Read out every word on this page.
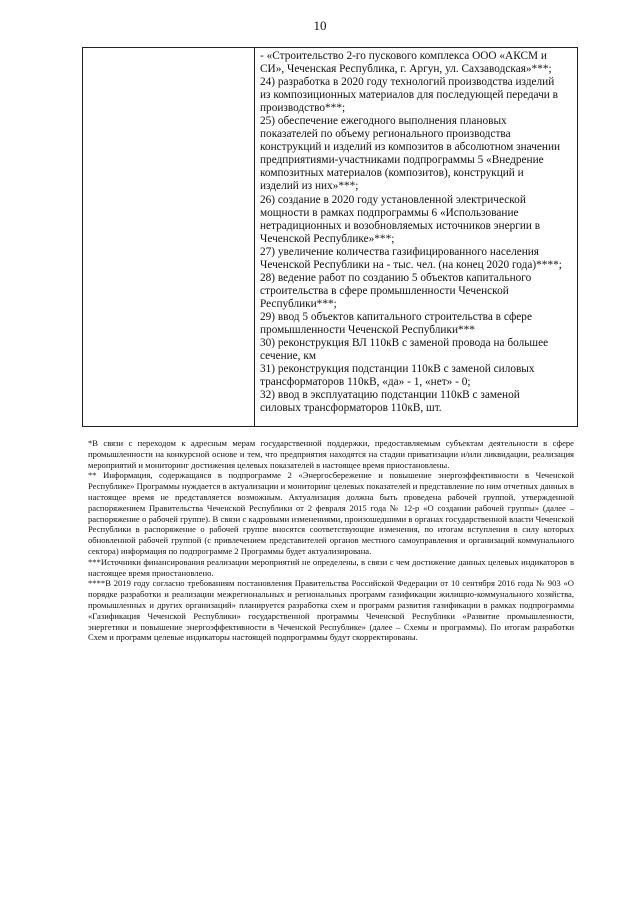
10

- «Строительство 2-го пускового комплекса ООО «АКСМ и
СИ», Чеченская Республика, г. Аргун, ул. Сахзаводская»***;

24) разработка в 2020 году технологий производства изделий
из композиционных материалов для последующей передачи в
производство***;

25) обеспечение ежегодного выполнения плановых
показателей по объему регионального производства
конструкций и изделий из композитов в абсолютном значении
предприятиями-участниками подпрограммы 5 «Внедрение
композитных материалов (композитов), конструкций и
изделий из них»***;

26) создание в 2020 году установленной электрической
мощности в рамках подпрограммы 6 «Использование
нетрадиционных и возобновляемых источников энергии в
Чеченской Республике»***;

27) увеличение количества газифицированного населения
Чеченской Республики на - тыс. чел. (на конец 2020 года)****;

28) ведение работ по созданию 5 объектов капитального
строительства в сфере промышленности Чеченской
Республики***;

29) ввод 5 объектов капитального строительства в сфере
промышленности Чеченской Республики***

30) реконструкция ВЛ 110кВ с заменой провода на большее
сечение, км

31) реконструкция подстанции 110кВ с заменой силовых
трансформаторов 110кВ, «да» - 1, «нет» - 0;

32) ввод в эксплуатацию подстанции 110кВ с заменой
силовых трансформаторов 110кВ, шт.

*В связи с переходом к адресным мерам государственной поддержки, предоставляемым субъектам деятельности в сфере промышленности на конкурсной основе и тем, что предприятия находятся на стадии приватизации и/или ликвидации, реализация мероприятий и мониторинг достижения целевых показателей в настоящее время приостановлены.

** Информация, содержащаяся в подпрограмме 2 «Энергосбережение и повышение энергоэффективности в Чеченской Республике» Программы нуждается в актуализации и мониторинг целевых показателей и представление по ним отчетных данных в настоящее время не представляется возможным. Актуализация должна быть проведена рабочей группой, утвержденной распоряжением Правительства Чеченской Республики от 2 февраля 2015 года № 12-р «О создании рабочей группы» (далее – распоряжение о рабочей группе). В связи с кадровыми изменениями, произошедшими в органах государственной власти Чеченской Республики в распоряжение о рабочей группе вносятся соответствующие изменения, по итогам вступления в силу которых обновленной рабочей группой (с привлечением представителей органов местного самоуправления и организаций коммунального сектора) информация по подпрограмме 2 Программы будет актуализирована.

***Источники финансирования реализации мероприятий не определены, в связи с чем достижение данных целевых индикаторов в настоящее время приостановлено.

****В 2019 году согласно требованиям постановления Правительства Российской Федерации от 10 сентября 2016 года № 903 «О порядке разработки и реализации межрегиональных и региональных программ газификации жилищно-коммунального хозяйства, промышленных и других организаций» планируется разработка схем и программ развития газификации в рамках подпрограммы «Газификация Чеченской Республики» государственной программы Чеченской Республики «Развитие промышленности, энергетики и повышение энергоэффективности в Чеченской Республике» (далее – Схемы и программы). По итогам разработки Схем и программ целевые индикаторы настоящей подпрограммы будут скорректированы.
